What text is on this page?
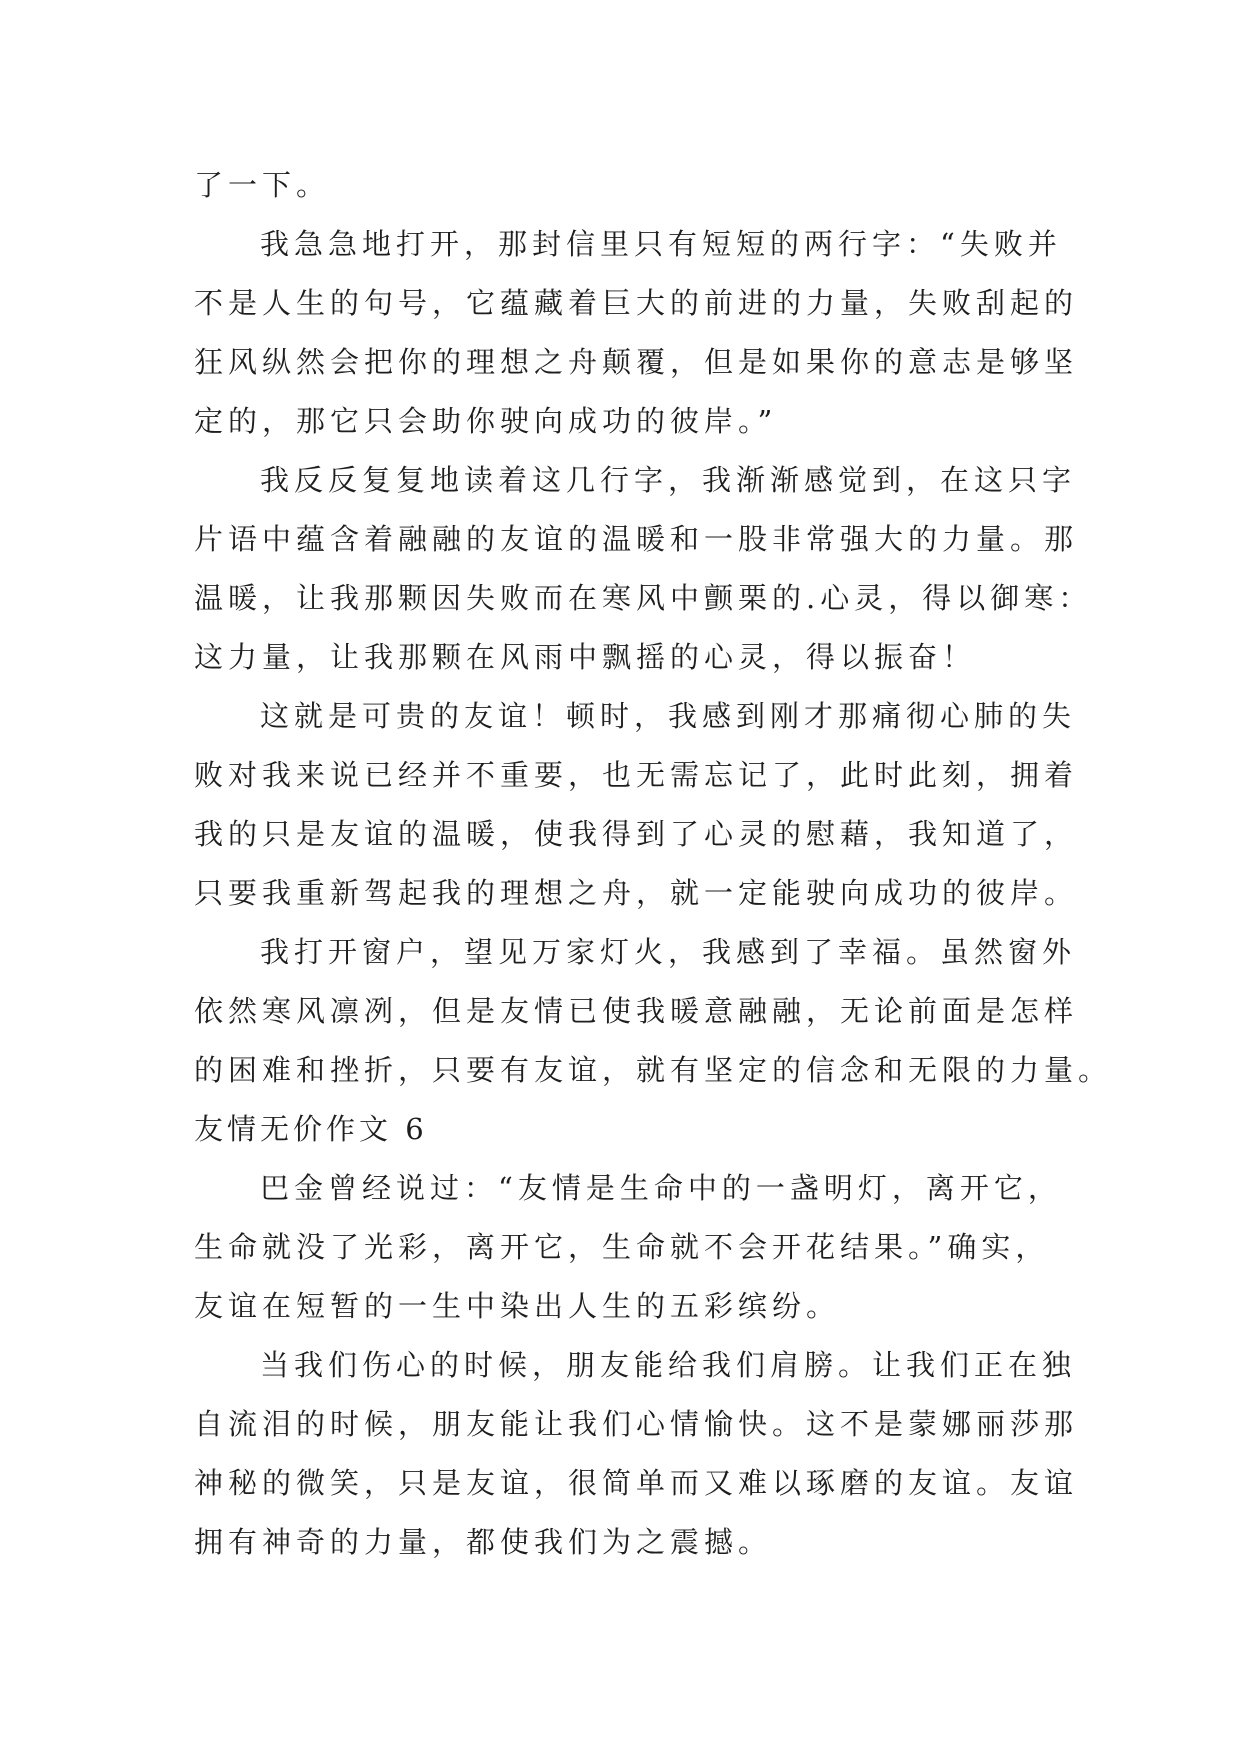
了一下。
我急急地打开，那封信里只有短短的两行字：“失败并
不是人生的句号，它蕴藏着巨大的前进的力量，失败刮起的
狂风纵然会把你的理想之舟颠覆，但是如果你的意志是够坚
定的，那它只会助你驶向成功的彼岸。”
我反反复复地读着这几行字，我渐渐感觉到，在这只字
片语中蕴含着融融的友谊的温暖和一股非常强大的力量。那
温暖，让我那颗因失败而在寒风中颤栗的.心灵，得以御寒：
这力量，让我那颗在风雨中飘摇的心灵，得以振奋！
这就是可贵的友谊！顿时，我感到刚才那痛彻心肺的失
败对我来说已经并不重要，也无需忘记了，此时此刻，拥着
我的只是友谊的温暖，使我得到了心灵的慰藉，我知道了，
只要我重新驾起我的理想之舟，就一定能驶向成功的彼岸。
我打开窗户，望见万家灯火，我感到了幸福。虽然窗外
依然寒风凛冽，但是友情已使我暖意融融，无论前面是怎样
的困难和挫折，只要有友谊，就有坚定的信念和无限的力量。
友情无价作文 6
巴金曾经说过：“友情是生命中的一盏明灯，离开它，
生命就没了光彩，离开它，生命就不会开花结果。”确实，
友谊在短暂的一生中染出人生的五彩缤纷。
当我们伤心的时候，朋友能给我们肩膀。让我们正在独
自流泪的时候，朋友能让我们心情愉快。这不是蒙娜丽莎那
神秘的微笑，只是友谊，很简单而又难以琢磨的友谊。友谊
拥有神奇的力量，都使我们为之震撼。
